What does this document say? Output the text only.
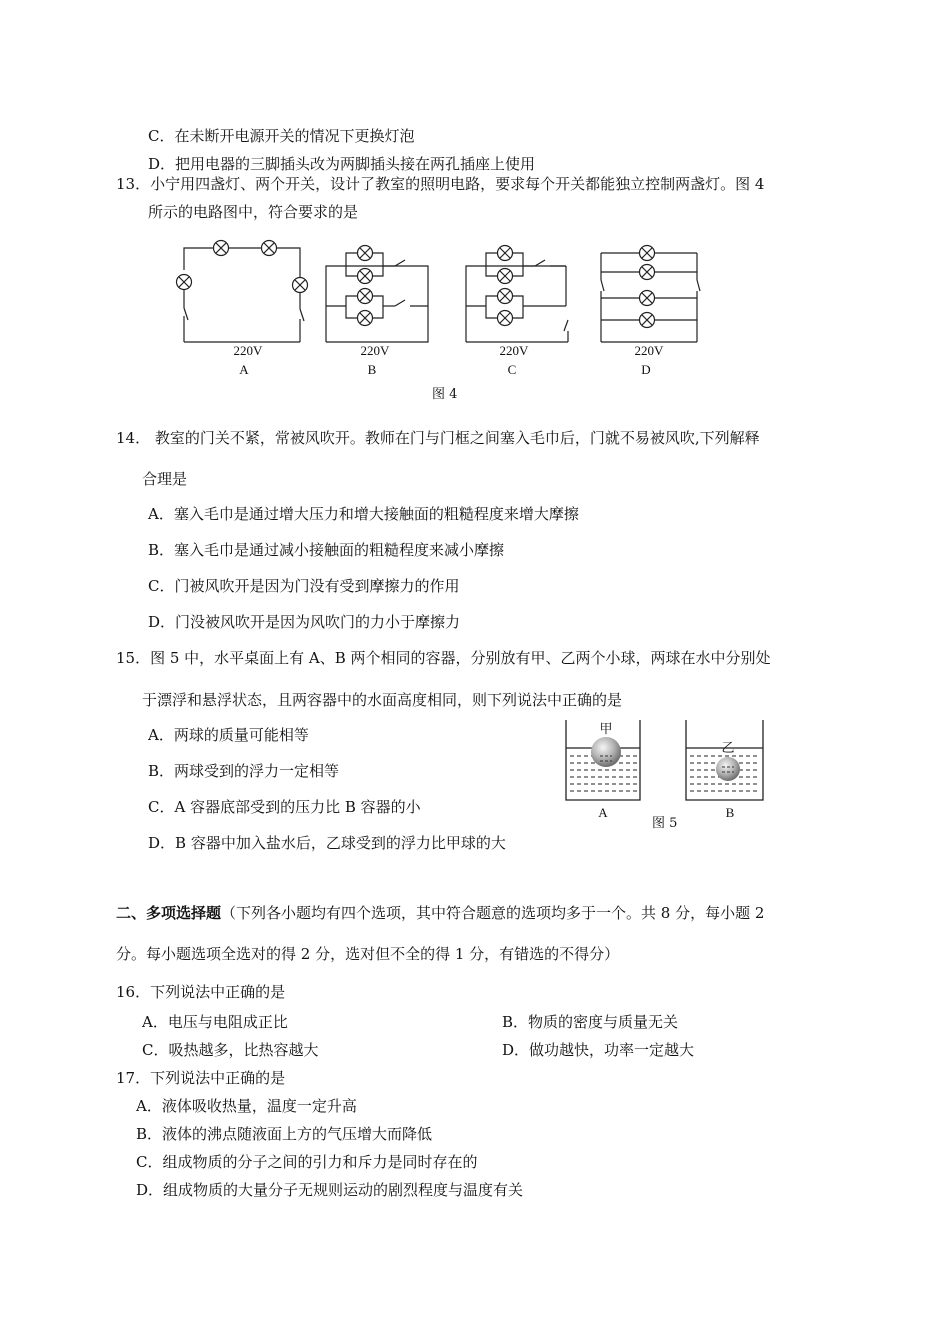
C．在未断开电源开关的情况下更换灯泡
D．把用电器的三脚插头改为两脚插头接在两孔插座上使用
13．小宁用四盏灯、两个开关，设计了教室的照明电路，要求每个开关都能独立控制两盏灯。图 4
所示的电路图中，符合要求的是
220V	220V	220V	220V
A	B	C	D
图 4
14． 教室的门关不紧，常被风吹开。教师在门与门框之间塞入毛巾后，门就不易被风吹,下列解释
合理是
A．塞入毛巾是通过增大压力和增大接触面的粗糙程度来增大摩擦
B．塞入毛巾是通过减小接触面的粗糙程度来减小摩擦
C．门被风吹开是因为门没有受到摩擦力的作用
D．门没被风吹开是因为风吹门的力小于摩擦力
15．图 5 中，水平桌面上有 A、B 两个相同的容器，分别放有甲、乙两个小球，两球在水中分别处
于漂浮和悬浮状态，且两容器中的水面高度相同，则下列说法中正确的是
A．两球的质量可能相等
B．两球受到的浮力一定相等
C．A 容器底部受到的压力比 B 容器的小
D．B 容器中加入盐水后，乙球受到的浮力比甲球的大
甲
乙
A	B
图 5
二、多项选择题（下列各小题均有四个选项，其中符合题意的选项均多于一个。共 8 分，每小题 2
分。每小题选项全选对的得 2 分，选对但不全的得 1 分，有错选的不得分）
16．下列说法中正确的是
A．电压与电阻成正比	B．物质的密度与质量无关
C．吸热越多，比热容越大	D．做功越快，功率一定越大
17．下列说法中正确的是
A．液体吸收热量，温度一定升高
B．液体的沸点随液面上方的气压增大而降低
C．组成物质的分子之间的引力和斥力是同时存在的
D．组成物质的大量分子无规则运动的剧烈程度与温度有关
